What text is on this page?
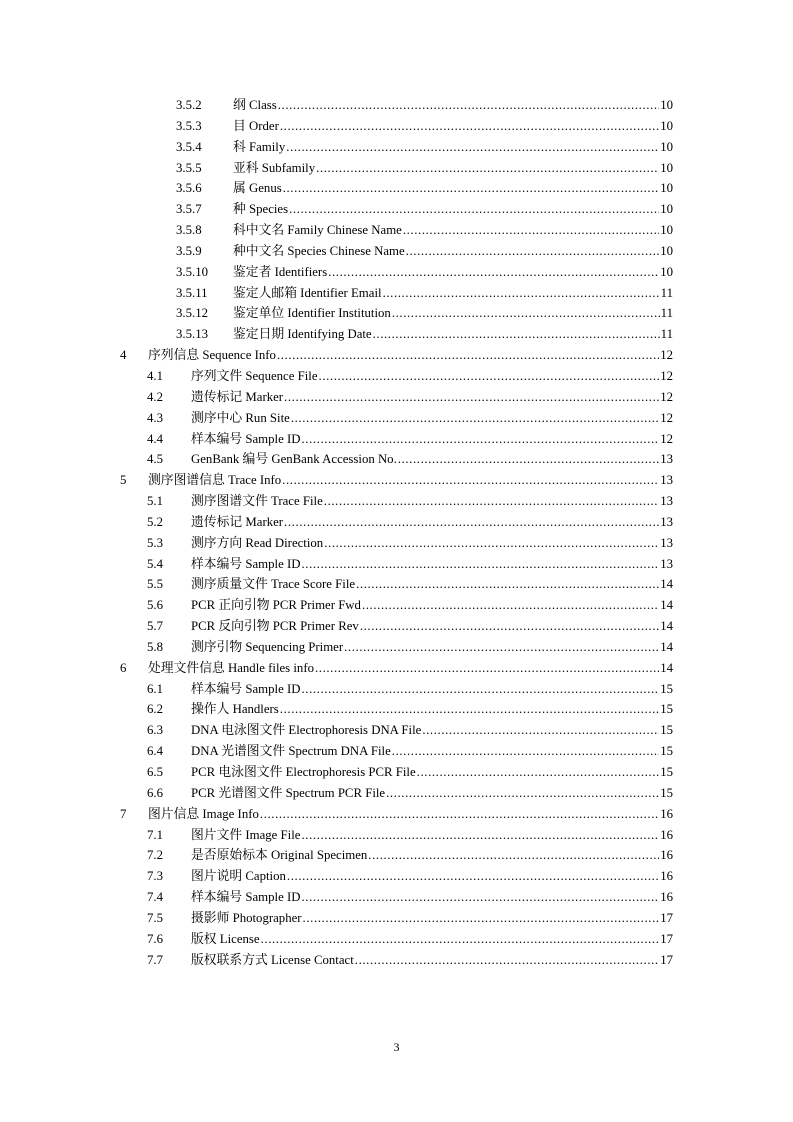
3.5.2 纲 Class .....	10
3.5.3 目 Order .....	10
3.5.4 科 Family .....	10
3.5.5 亚科 Subfamily .....	10
3.5.6 属 Genus .....	10
3.5.7 种 Species .....	10
3.5.8 科中文名 Family Chinese Name .....	10
3.5.9 种中文名 Species Chinese Name .....	10
3.5.10 鉴定者 Identifiers .....	10
3.5.11 鉴定人邮箱 Identifier Email .....	11
3.5.12 鉴定单位 Identifier Institution .....	11
3.5.13 鉴定日期 Identifying Date .....	11
4 序列信息 Sequence Info .....	12
4.1 序列文件 Sequence File .....	12
4.2 遗传标记 Marker .....	12
4.3 测序中心 Run Site .....	12
4.4 样本编号 Sample ID .....	12
4.5 GenBank 编号 GenBank Accession No. .....	13
5 测序图谱信息 Trace Info .....	13
5.1 测序图谱文件 Trace File .....	13
5.2 遗传标记 Marker .....	13
5.3 测序方向 Read Direction .....	13
5.4 样本编号 Sample ID .....	13
5.5 测序质量文件 Trace Score File .....	14
5.6 PCR 正向引物 PCR Primer Fwd .....	14
5.7 PCR 反向引物 PCR Primer Rev .....	14
5.8 测序引物 Sequencing Primer .....	14
6 处理文件信息 Handle files info .....	14
6.1 样本编号 Sample ID .....	15
6.2 操作人 Handlers .....	15
6.3 DNA 电泳图文件 Electrophoresis DNA File .....	15
6.4 DNA 光谱图文件 Spectrum DNA File .....	15
6.5 PCR 电泳图文件 Electrophoresis PCR File .....	15
6.6 PCR 光谱图文件 Spectrum PCR File .....	15
7 图片信息 Image Info .....	16
7.1 图片文件 Image File .....	16
7.2 是否原始标本 Original Specimen .....	16
7.3 图片说明 Caption .....	16
7.4 样本编号 Sample ID .....	16
7.5 摄影师 Photographer .....	17
7.6 版权 License .....	17
7.7 版权联系方式 License Contact .....	17
3
